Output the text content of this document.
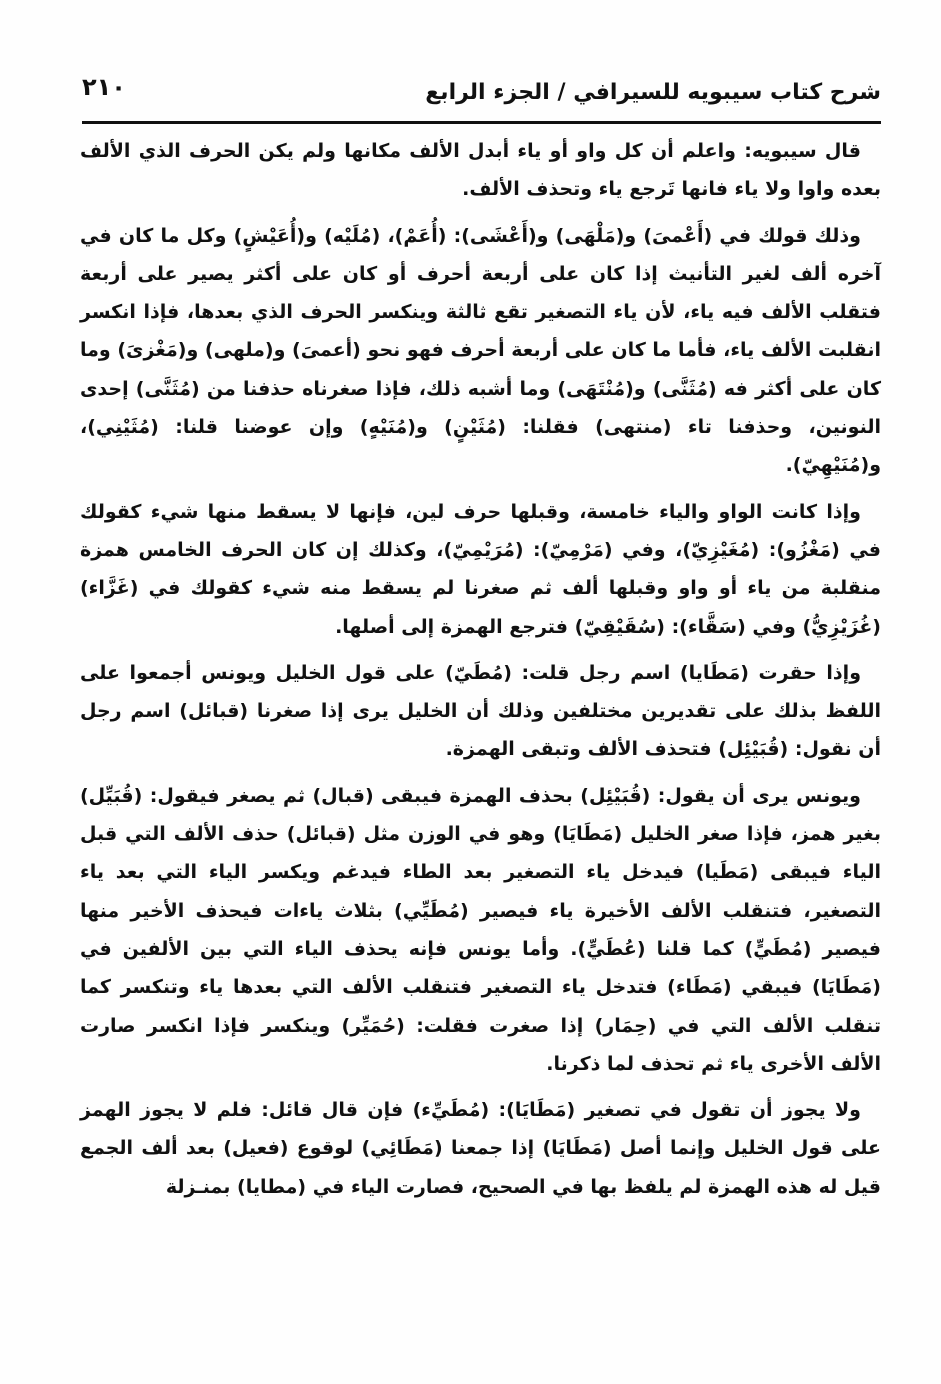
شرح كتاب سيبويه للسيرافي / الجزء الرابع
٢١٠

قال سيبويه: واعلم أن كل واو أو ياء أبدل الألف مكانها ولم يكن الحرف الذي الألف بعده واوا ولا ياء فانها تَرجع ياء وتحذف الألف.

وذلك قولك في (أَعْمىَ) و(مَلْهَى) و(أَعْشَى): (أُعَمْ)، (مُلَيْه) و(أُعَيْشٍ) وكل ما كان في آخره ألف لغير التأنيث إذا كان على أربعة أحرف أو كان على أكثر يصير على أربعة فتقلب الألف فيه ياء، لأن ياء التصغير تقع ثالثة وينكسر الحرف الذي بعدها، فإذا انكسر انقلبت الألف ياء، فأما ما كان على أربعة أحرف فهو نحو (أعمىَ) و(ملهى) و(مَغْزىَ) وما كان على أكثر فه (مُثَنَّى) و(مُنْتَهَى) وما أشبه ذلك، فإذا صغرناه حذفنا من (مُثَنَّى) إحدى النونين، وحذفنا تاء (منتهى) فقلنا: (مُثَيْنٍ) و(مُنَيْهٍ) وإن عوضنا قلنا: (مُثَيْنِي)، و(مُنَيْهِيّ).

وإذا كانت الواو والياء خامسة، وقبلها حرف لين، فإنها لا يسقط منها شيء كقولك في (مَغْزُو): (مُغَيْزِيّ)، وفي (مَرْمِيّ): (مُرَيْمِيّ)، وكذلك إن كان الحرف الخامس همزة منقلبة من ياء أو واو وقبلها ألف ثم صغرنا لم يسقط منه شيء كقولك في (غَزَّاء) (غُزَيْزِيُّ) وفي (سَقَّاء): (سُقَيْقِيّ) فترجع الهمزة إلى أصلها.

وإذا حقرت (مَطَايا) اسم رجل قلت: (مُطَيّ) على قول الخليل ويونس أجمعوا على اللفظ بذلك على تقديرين مختلفين وذلك أن الخليل يرى إذا صغرنا (قبائل) اسم رجل أن نقول: (قُبَيْئِل) فتحذف الألف وتبقى الهمزة.

ويونس يرى أن يقول: (قُبَيْئِل) بحذف الهمزة فيبقى (قبال) ثم يصغر فيقول: (قُبَيِّل) بغير همز، فإذا صغر الخليل (مَطَايَا) وهو في الوزن مثل (قبائل) حذف الألف التي قبل الياء فيبقى (مَطَيا) فيدخل ياء التصغير بعد الطاء فيدغم ويكسر الياء التي بعد ياء التصغير، فتنقلب الألف الأخيرة ياء فيصير (مُطَيِّي) بثلاث ياءات فيحذف الأخير منها فيصير (مُطَيٍّ) كما قلنا (عُطَيٍّ). وأما يونس فإنه يحذف الياء التي بين الألفين في (مَطَايَا) فيبقي (مَطَاء) فتدخل ياء التصغير فتنقلب الألف التي بعدها ياء وتنكسر كما تنقلب الألف التي في (حِمَار) إذا صغرت فقلت: (حُمَيِّر) وينكسر فإذا انكسر صارت الألف الأخرى ياء ثم تحذف لما ذكرنا.

ولا يجوز أن تقول في تصغير (مَطَايَا): (مُطَيِّء) فإن قال قائل: فلم لا يجوز الهمز على قول الخليل وإنما أصل (مَطَايَا) إذا جمعنا (مَطَائِي) لوقوع (فعيل) بعد ألف الجمع قيل له هذه الهمزة لم يلفظ بها في الصحيح، فصارت الياء في (مطايا) بمنـزلة
